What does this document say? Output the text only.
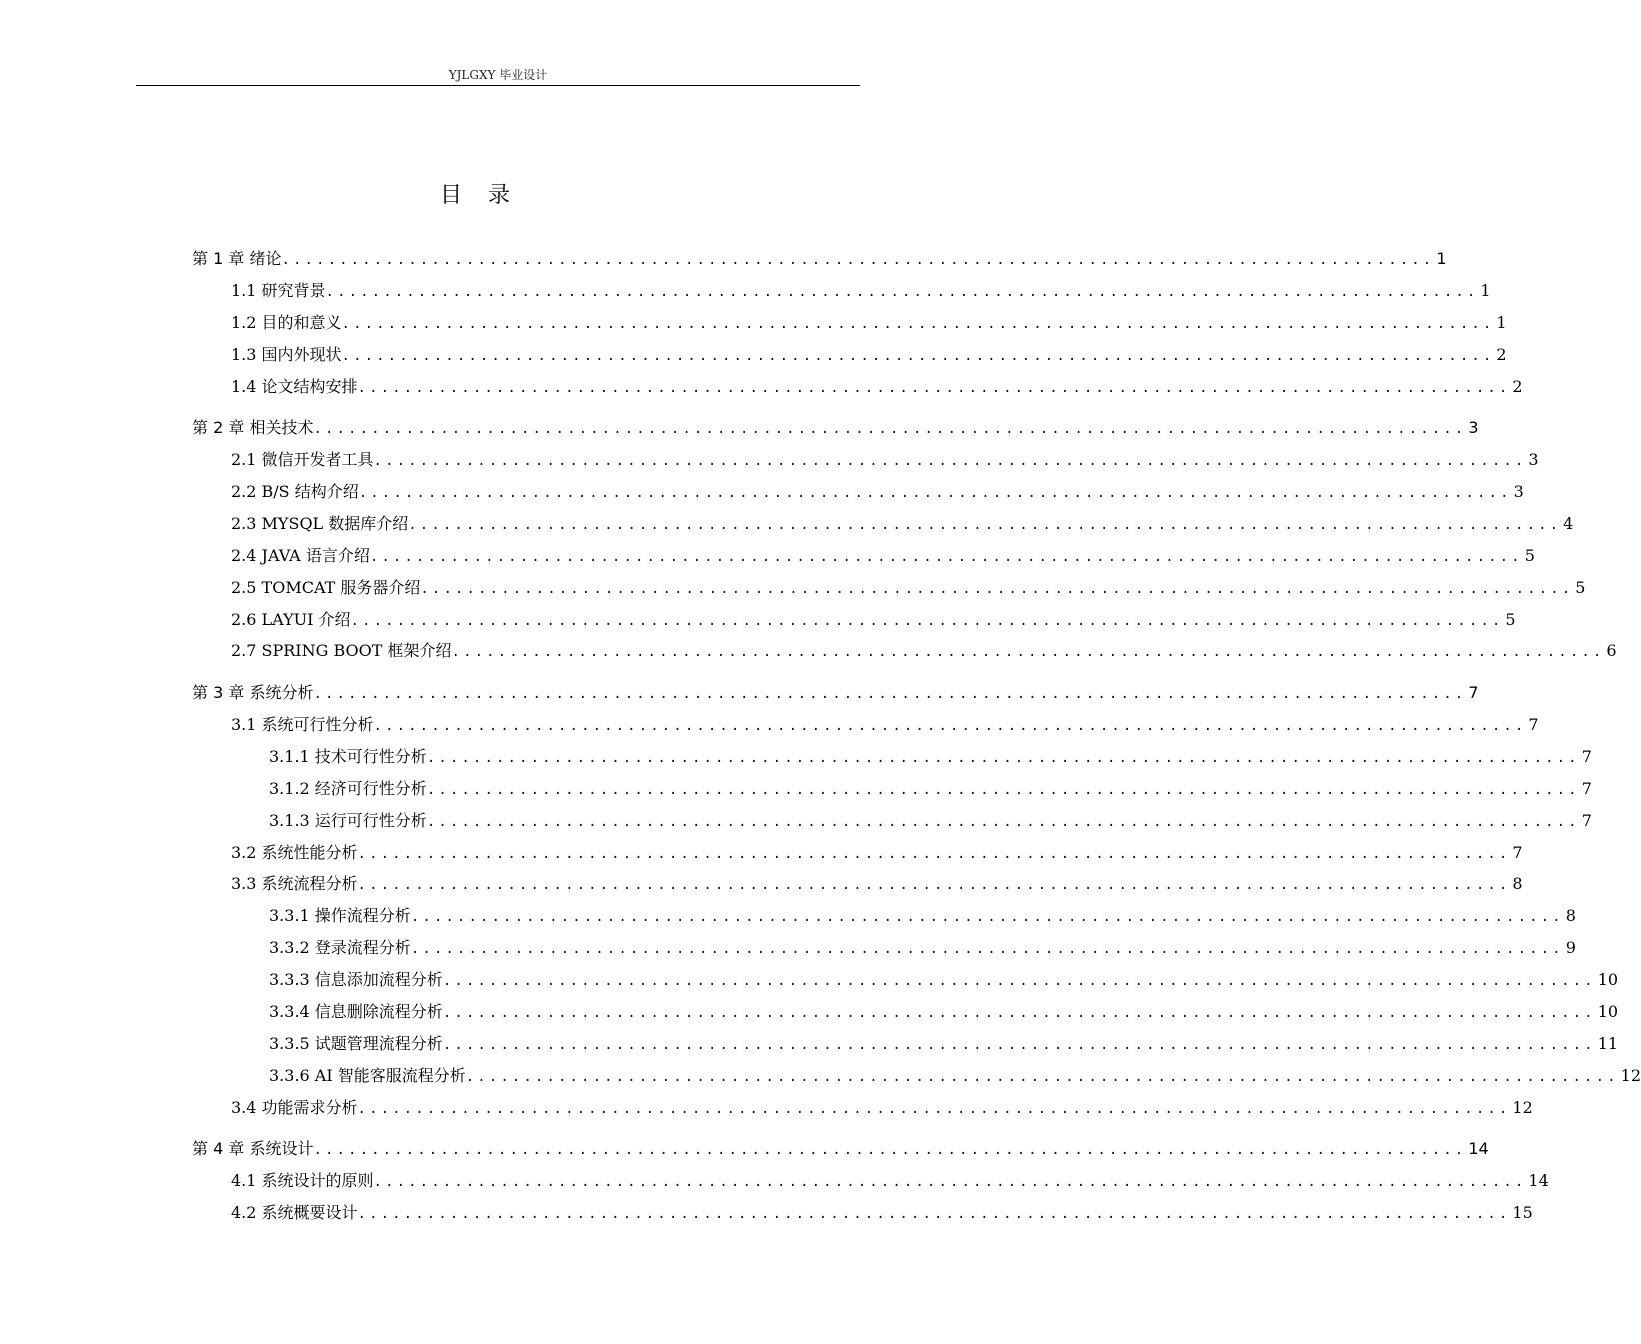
YJLGXY 毕业设计
目 录
第 1 章 绪论 .................................................................................................... 1
1.1 研究背景 .................................................................................................... 1
1.2 目的和意义 .................................................................................................... 1
1.3 国内外现状 .................................................................................................... 2
1.4 论文结构安排 .................................................................................................... 2
第 2 章 相关技术 .................................................................................................... 3
2.1 微信开发者工具 .................................................................................................... 3
2.2 B/S 结构介绍 .................................................................................................... 3
2.3 MYSQL 数据库介绍 .................................................................................................... 4
2.4 JAVA 语言介绍 .................................................................................................... 5
2.5 TOMCAT 服务器介绍 .................................................................................................... 5
2.6 LAYUI 介绍 .................................................................................................... 5
2.7 SPRING BOOT 框架介绍 .................................................................................................... 6
第 3 章 系统分析 .................................................................................................... 7
3.1 系统可行性分析 .................................................................................................... 7
3.1.1 技术可行性分析 .................................................................................................... 7
3.1.2 经济可行性分析 .................................................................................................... 7
3.1.3 运行可行性分析 .................................................................................................... 7
3.2 系统性能分析 .................................................................................................... 7
3.3 系统流程分析 .................................................................................................... 8
3.3.1 操作流程分析 .................................................................................................... 8
3.3.2 登录流程分析 .................................................................................................... 9
3.3.3 信息添加流程分析 .................................................................................................... 10
3.3.4 信息删除流程分析 .................................................................................................... 10
3.3.5 试题管理流程分析 .................................................................................................... 11
3.3.6 AI 智能客服流程分析 .................................................................................................... 12
3.4 功能需求分析 .................................................................................................... 12
第 4 章 系统设计 .................................................................................................... 14
4.1 系统设计的原则 .................................................................................................... 14
4.2 系统概要设计 .................................................................................................... 15
